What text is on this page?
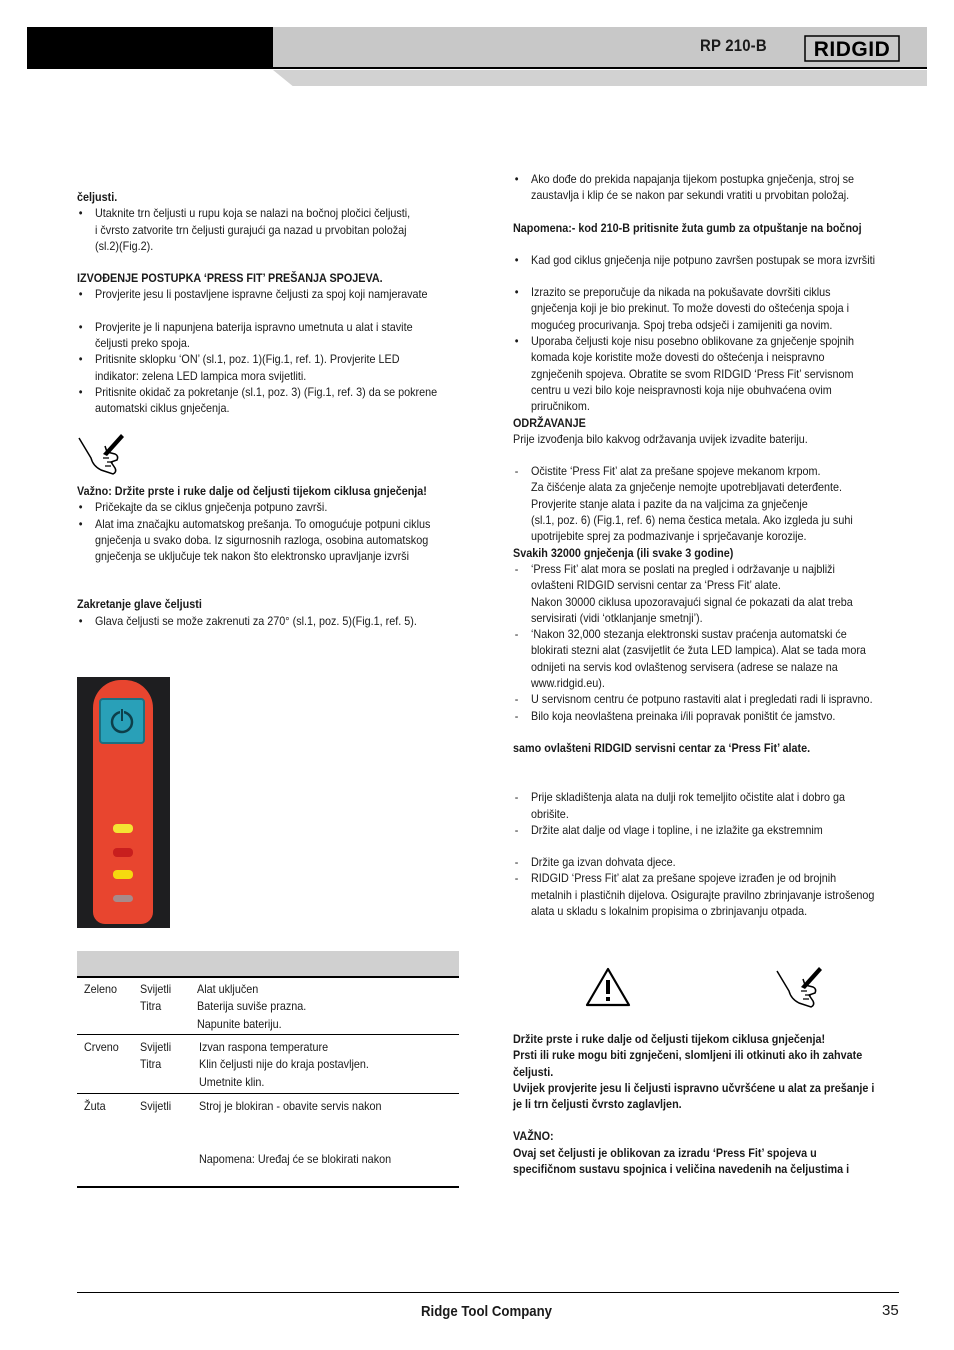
RP 210-B RIDGID
čeljusti.
• Utaknite trn čeljusti u rupu koja se nalazi na bočnoj pločici čeljusti,
i čvrsto zatvorite trn čeljusti gurajući ga nazad u prvobitan položaj
(sl.2)(Fig.2).
IZVOĐENJE POSTUPKA ‘PRESS FIT’ PREŠANJA SPOJEVA.
• Provjerite jesu li postavljene ispravne čeljusti za spoj koji namjeravate
• Provjerite je li napunjena baterija ispravno umetnuta u alat i stavite
čeljusti preko spoja.
• Pritisnite sklopku ‘ON’ (sl.1, poz. 1)(Fig.1, ref. 1). Provjerite LED
indikator: zelena LED lampica mora svijetliti.
• Pritisnite okidač za pokretanje (sl.1, poz. 3) (Fig.1, ref. 3) da se pokrene
automatski ciklus gnječenja.
Važno: Držite prste i ruke dalje od čeljusti tijekom ciklusa gnječenja!
• Pričekajte da se ciklus gnječenja potpuno završi.
• Alat ima značajku automatskog prešanja. To omogućuje potpuni ciklus
gnječenja u svako doba. Iz sigurnosnih razloga, osobina automatskog
gnječenja se uključuje tek nakon što elektronsko upravljanje izvrši
Zakretanje glave čeljusti
• Glava čeljusti se može zakrenuti za 270° (sl.1, poz. 5)(Fig.1, ref. 5).
Zeleno Svijetli
Titra
Alat uključen
Baterija suviše prazna.
Napunite bateriju.
Crveno Svijetli
Titra
Izvan raspona temperature
Klin čeljusti nije do kraja postavljen.
Umetnite klin.
Žuta	Svijetli Stroj je blokiran - obavite servis nakon
Napomena: Uređaj će se blokirati nakon
• Ako dođe do prekida napajanja tijekom postupka gnječenja, stroj se
zaustavlja i klip će se nakon par sekundi vratiti u prvobitan položaj.
Napomena:- kod 210-B pritisnite žuta gumb za otpuštanje na bočnoj
• Kad god ciklus gnječenja nije potpuno završen postupak se mora izvršiti
• Izrazito se preporučuje da nikada na pokušavate dovršiti ciklus
gnječenja koji je bio prekinut. To može dovesti do oštećenja spoja i
mogućeg procurivanja. Spoj treba odsječi i zamijeniti ga novim.
• Uporaba čeljusti koje nisu posebno oblikovane za gnječenje spojnih
komada koje koristite može dovesti do oštećenja i neispravno
zgnječenih spojeva. Obratite se svom RIDGID ‘Press Fit’ servisnom
centru u vezi bilo koje neispravnosti koja nije obuhvaćena ovim
priručnikom.
ODRŽAVANJE
Prije izvođenja bilo kakvog održavanja uvijek izvadite bateriju.
- Očistite ‘Press Fit’ alat za prešane spojeve mekanom krpom.
Za čišćenje alata za gnječenje nemojte upotrebljavati deterđente.
Provjerite stanje alata i pazite da na valjcima za gnječenje
(sl.1, poz. 6) (Fig.1, ref. 6) nema čestica metala. Ako izgleda ju suhi
upotrijebite sprej za podmazivanje i sprječavanje korozije.
Svakih 32000 gnječenja (ili svake 3 godine)
- ‘Press Fit’ alat mora se poslati na pregled i održavanje u najbliži
ovlašteni RIDGID servisni centar za ‘Press Fit’ alate.
Nakon 30000 ciklusa upozoravajući signal će pokazati da alat treba
servisirati (vidi ‘otklanjanje smetnji’).
- ‘Nakon 32,000 stezanja elektronski sustav praćenja automatski će
blokirati stezni alat (zasvijetlit će žuta LED lampica). Alat se tada mora
odnijeti na servis kod ovlaštenog servisera (adrese se nalaze na
www.ridgid.eu).
- U servisnom centru će potpuno rastaviti alat i pregledati radi li ispravno.
- Bilo koja neovlaštena preinaka i/ili popravak poništit će jamstvo.
samo ovlašteni RIDGID servisni centar za ‘Press Fit’ alate.
- Prije skladištenja alata na dulji rok temeljito očistite alat i dobro ga
obrišite.
- Držite alat dalje od vlage i topline, i ne izlažite ga ekstremnim
- Držite ga izvan dohvata djece.
- RIDGID ‘Press Fit’ alat za prešane spojeve izrađen je od brojnih
metalnih i plastičnih dijelova. Osigurajte pravilno zbrinjavanje istrošenog
alata u skladu s lokalnim propisima o zbrinjavanju otpada.
Držite prste i ruke dalje od čeljusti tijekom ciklusa gnječenja!
Prsti ili ruke mogu biti zgnječeni, slomljeni ili otkinuti ako ih zahvate
čeljusti.
Uvijek provjerite jesu li čeljusti ispravno učvršćene u alat za prešanje i
je li trn čeljusti čvrsto zaglavljen.
VAŽNO:
Ovaj set čeljusti je oblikovan za izradu ‘Press Fit’ spojeva u
specifičnom sustavu spojnica i veličina navedenih na čeljustima i
Ridge Tool Company	35
